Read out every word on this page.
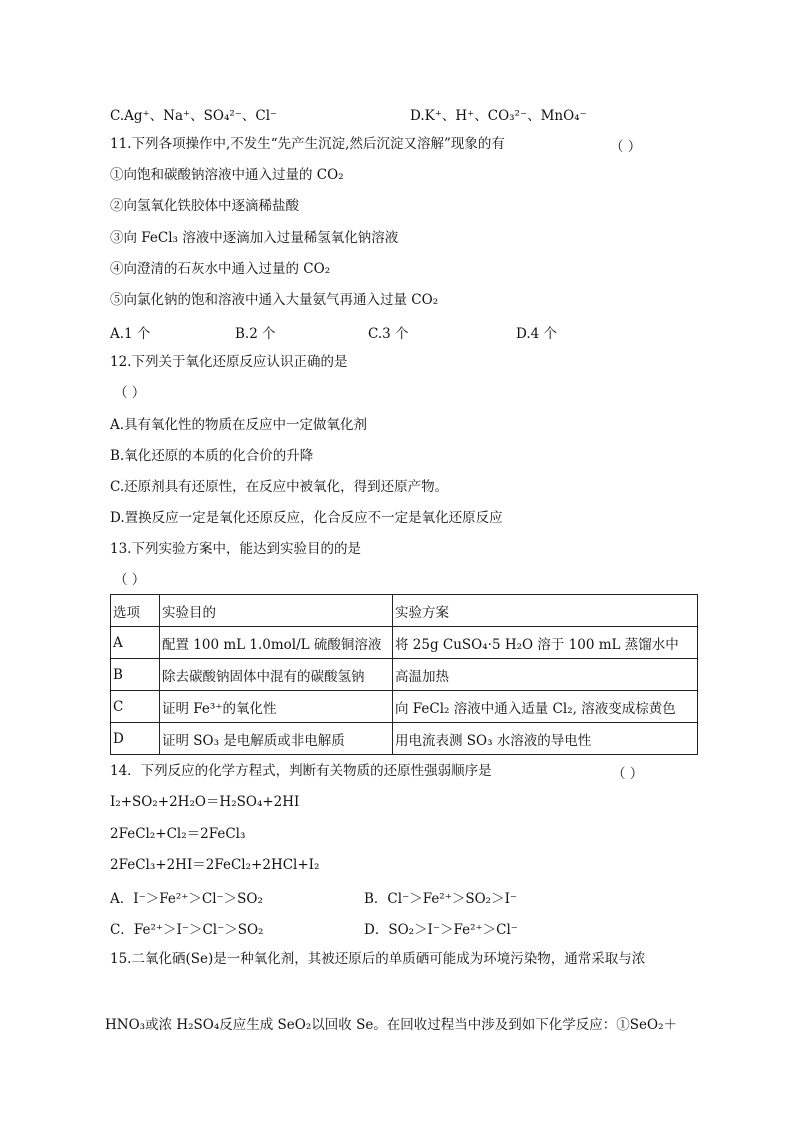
C.Ag⁺、Na⁺、SO₄²⁻、Cl⁻	D.K⁺、H⁺、CO₃²⁻、MnO₄⁻
11.下列各项操作中,不发生“先产生沉淀,然后沉淀又溶解”现象的有	（ ）
①向饱和碳酸钠溶液中通入过量的 CO₂
②向氢氧化铁胶体中逐滴稀盐酸
③向 FeCl₃ 溶液中逐滴加入过量稀氢氧化钠溶液
④向澄清的石灰水中通入过量的 CO₂
⑤向氯化钠的饱和溶液中通入大量氨气再通入过量 CO₂
A.1 个	B.2 个	C.3 个	D.4 个
12.下列关于氧化还原反应认识正确的是
（ ）
A.具有氧化性的物质在反应中一定做氧化剂
B.氧化还原的本质的化合价的升降
C.还原剂具有还原性，在反应中被氧化，得到还原产物。
D.置换反应一定是氧化还原反应，化合反应不一定是氧化还原反应
13.下列实验方案中，能达到实验目的的是
（ ）
选项	实验目的	实验方案
A	配置 100 mL 1.0mol/L 硫酸铜溶液	将 25g CuSO₄·5 H₂O 溶于 100 mL 蒸馏水中
B	除去碳酸钠固体中混有的碳酸氢钠	高温加热
C	证明 Fe³⁺的氧化性	向 FeCl₂ 溶液中通入适量 Cl₂, 溶液变成棕黄色
D	证明 SO₃ 是电解质或非电解质	用电流表测 SO₃ 水溶液的导电性
14．下列反应的化学方程式，判断有关物质的还原性强弱顺序是	（ ）
I₂+SO₂+2H₂O＝H₂SO₄+2HI
2FeCl₂+Cl₂＝2FeCl₃
2FeCl₃+2HI＝2FeCl₂+2HCl+I₂
A．I⁻＞Fe²⁺＞Cl⁻＞SO₂	B．Cl⁻＞Fe²⁺＞SO₂＞I⁻
C．Fe²⁺＞I⁻＞Cl⁻＞SO₂	D．SO₂＞I⁻＞Fe²⁺＞Cl⁻
15.二氧化硒(Se)是一种氧化剂，其被还原后的单质硒可能成为环境污染物，通常采取与浓
HNO₃或浓 H₂SO₄反应生成 SeO₂以回收 Se。在回收过程当中涉及到如下化学反应：①SeO₂＋
